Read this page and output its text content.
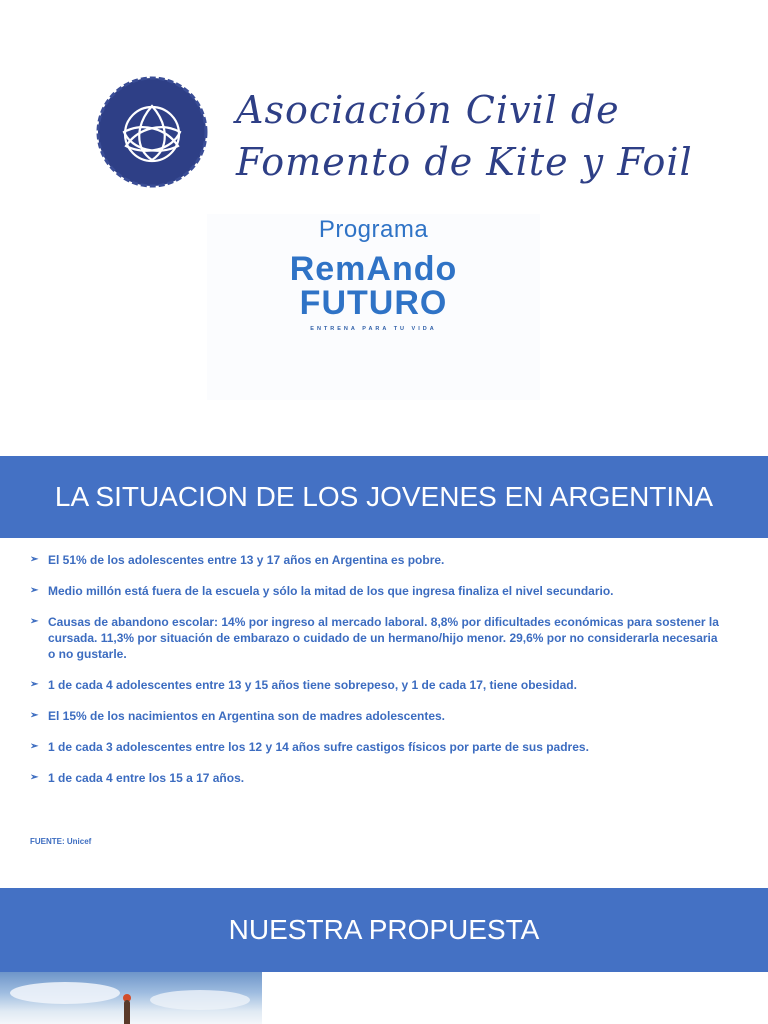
Asociación Civil de
Fomento de Kite y Foil
Programa
RemAndo
FUTURO
ENTRENA PARA TU VIDA
LA SITUACION DE LOS JOVENES EN ARGENTINA
➢ El 51% de los adolescentes entre 13 y 17 años en Argentina es pobre.
➢ Medio millón está fuera de la escuela y sólo la mitad de los que ingresa finaliza el nivel secundario.
➢ Causas de abandono escolar: 14% por ingreso al mercado laboral. 8,8% por dificultades económicas para sostener la cursada. 11,3% por situación de embarazo o cuidado de un hermano/hijo menor. 29,6% por no considerarla necesaria o no gustarle.
➢ 1 de cada 4 adolescentes entre 13 y 15 años tiene sobrepeso, y 1 de cada 17, tiene obesidad.
➢ El 15% de los nacimientos en Argentina son de madres adolescentes.
➢ 1 de cada 3 adolescentes entre los 12 y 14 años sufre castigos físicos por parte de sus padres.
➢ 1 de cada 4 entre los 15 a 17 años.
FUENTE: Unicef
NUESTRA PROPUESTA
